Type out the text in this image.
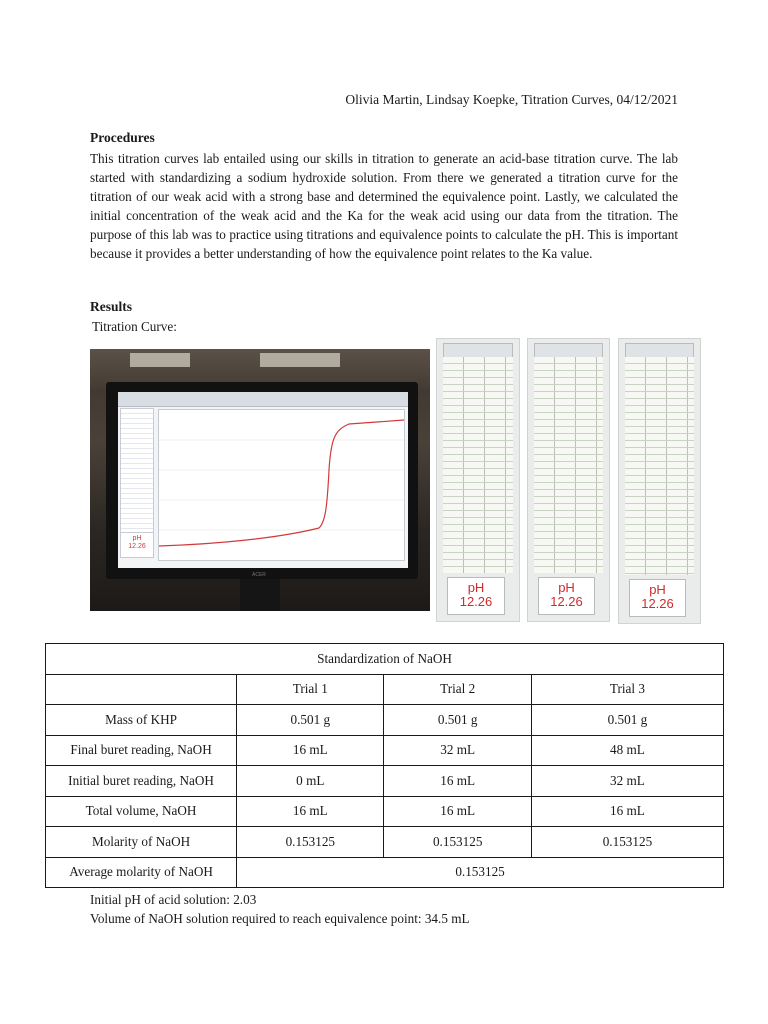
Olivia Martin, Lindsay Koepke, Titration Curves, 04/12/2021
Procedures
This titration curves lab entailed using our skills in titration to generate an acid-base titration curve. The lab started with standardizing a sodium hydroxide solution. From there we generated a titration curve for the titration of our weak acid with a strong base and determined the equivalence point. Lastly, we calculated the initial concentration of the weak acid and the Ka for the weak acid using our data from the titration. The purpose of this lab was to practice using titrations and equivalence points to calculate the pH. This is important because it provides a better understanding of how the equivalence point relates to the Ka value.
Results
Titration Curve:
pH
12.26
ACER
pH
12.26
pH
12.26
pH
12.26
Standardization of NaOH			
	Trial 1	Trial 2	Trial 3
Mass of KHP	0.501 g	0.501 g	0.501 g
Final buret reading, NaOH	16 mL	32 mL	48 mL
Initial buret reading, NaOH	0 mL	16 mL	32 mL
Total volume, NaOH	16 mL	16 mL	16 mL
Molarity of NaOH	0.153125	0.153125	0.153125
Average molarity of NaOH	0.153125		
Initial pH of acid solution: 2.03
Volume of NaOH solution required to reach equivalence point: 34.5 mL
